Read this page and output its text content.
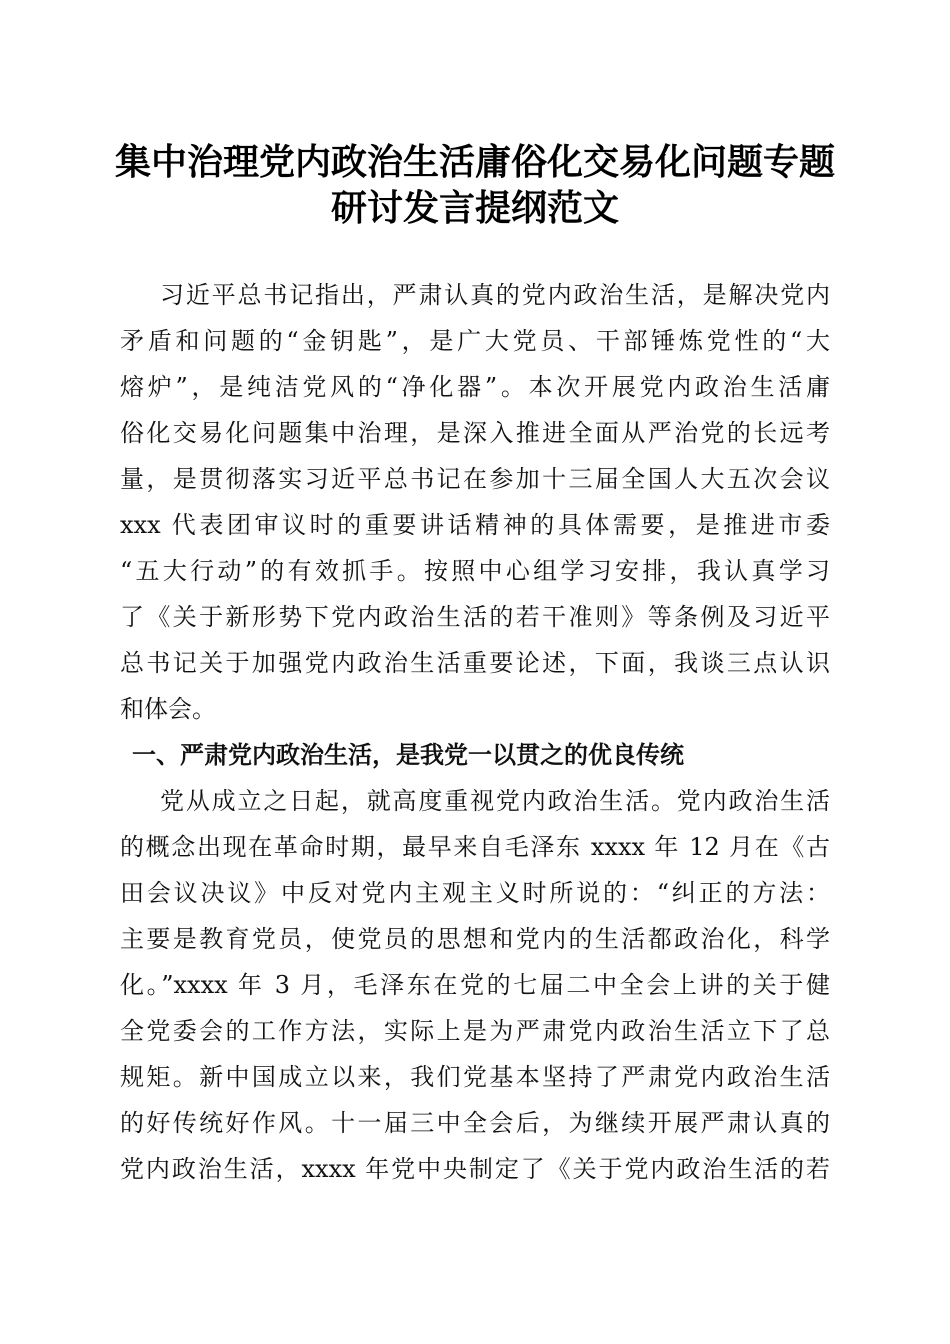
集中治理党内政治生活庸俗化交易化问题专题
研讨发言提纲范文
习近平总书记指出，严肃认真的党内政治生活，是解决党内
矛盾和问题的“金钥匙”，是广大党员、干部锤炼党性的“大
熔炉”，是纯洁党风的“净化器”。本次开展党内政治生活庸
俗化交易化问题集中治理，是深入推进全面从严治党的长远考
量，是贯彻落实习近平总书记在参加十三届全国人大五次会议
xxx 代表团审议时的重要讲话精神的具体需要，是推进市委
“五大行动”的有效抓手。按照中心组学习安排，我认真学习
了《关于新形势下党内政治生活的若干准则》等条例及习近平
总书记关于加强党内政治生活重要论述，下面，我谈三点认识
和体会。
一、严肃党内政治生活，是我党一以贯之的优良传统
党从成立之日起，就高度重视党内政治生活。党内政治生活
的概念出现在革命时期，最早来自毛泽东 xxxx 年 12 月在《古
田会议决议》中反对党内主观主义时所说的：“纠正的方法：
主要是教育党员，使党员的思想和党内的生活都政治化，科学
化。”xxxx 年 3 月，毛泽东在党的七届二中全会上讲的关于健
全党委会的工作方法，实际上是为严肃党内政治生活立下了总
规矩。新中国成立以来，我们党基本坚持了严肃党内政治生活
的好传统好作风。十一届三中全会后，为继续开展严肃认真的
党内政治生活，xxxx 年党中央制定了《关于党内政治生活的若
